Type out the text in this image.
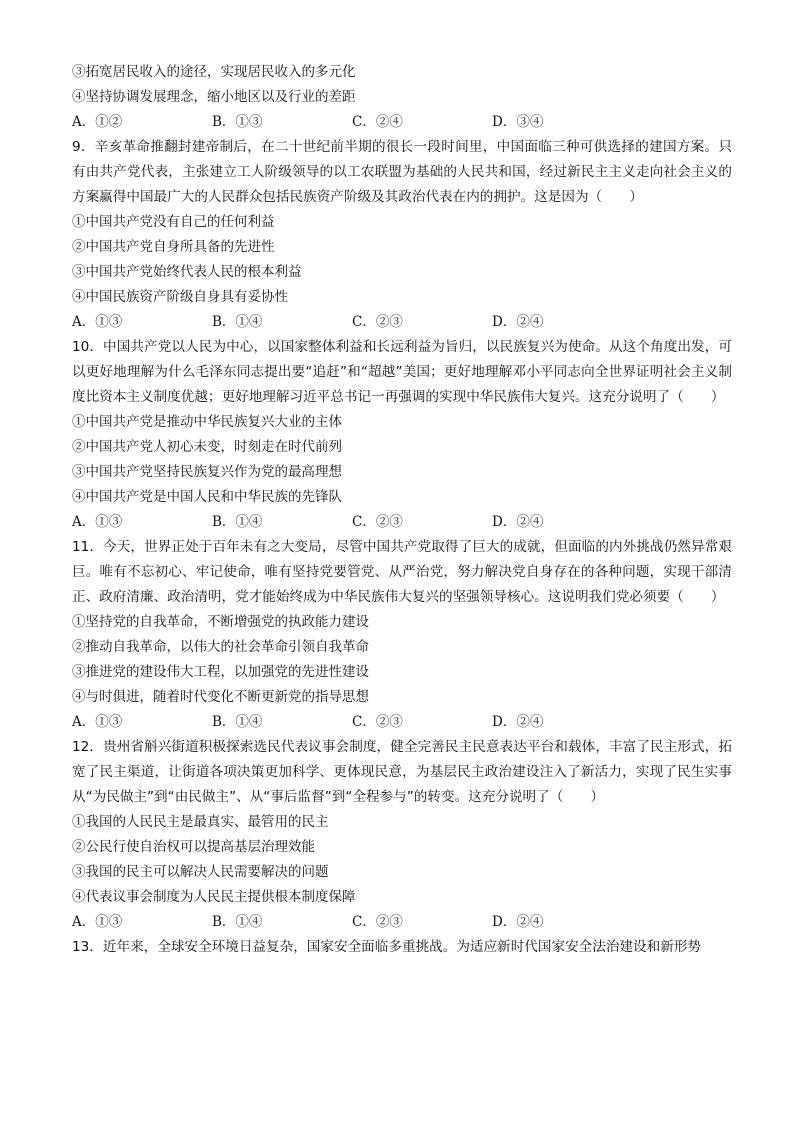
③拓宽居民收入的途径，实现居民收入的多元化
④坚持协调发展理念，缩小地区以及行业的差距
A．①②	B．①③	C．②④	D．③④
9．辛亥革命推翻封建帝制后，在二十世纪前半期的很长一段时间里，中国面临三种可供选择的建国方案。只有由共产党代表，主张建立工人阶级领导的以工农联盟为基础的人民共和国，经过新民主主义走向社会主义的方案赢得中国最广大的人民群众包括民族资产阶级及其政治代表在内的拥护。这是因为（　　）
①中国共产党没有自己的任何利益
②中国共产党自身所具备的先进性
③中国共产党始终代表人民的根本利益
④中国民族资产阶级自身具有妥协性
A．①③	B．①④	C．②③	D．②④
10．中国共产党以人民为中心，以国家整体利益和长远利益为旨归，以民族复兴为使命。从这个角度出发，可以更好地理解为什么毛泽东同志提出要“追赶”和“超越”美国；更好地理解邓小平同志向全世界证明社会主义制度比资本主义制度优越；更好地理解习近平总书记一再强调的实现中华民族伟大复兴。这充分说明了（　　）
①中国共产党是推动中华民族复兴大业的主体
②中国共产党人初心未变，时刻走在时代前列
③中国共产党坚持民族复兴作为党的最高理想
④中国共产党是中国人民和中华民族的先锋队
A．①③	B．①④	C．②③	D．②④
11．今天，世界正处于百年未有之大变局，尽管中国共产党取得了巨大的成就，但面临的内外挑战仍然异常艰巨。唯有不忘初心、牢记使命，唯有坚持党要管党、从严治党，努力解决党自身存在的各种问题，实现干部清正、政府清廉、政治清明，党才能始终成为中华民族伟大复兴的坚强领导核心。这说明我们党必须要（　　）
①坚持党的自我革命，不断增强党的执政能力建设
②推动自我革命，以伟大的社会革命引领自我革命
③推进党的建设伟大工程，以加强党的先进性建设
④与时俱进，随着时代变化不断更新党的指导思想
A．①③	B．①④	C．②③	D．②④
12．贵州省斛兴街道积极探索选民代表议事会制度，健全完善民主民意表达平台和载体，丰富了民主形式，拓宽了民主渠道，让街道各项决策更加科学、更体现民意，为基层民主政治建设注入了新活力，实现了民生实事从“为民做主”到“由民做主”、从“事后监督”到“全程参与”的转变。这充分说明了（　　）
①我国的人民民主是最真实、最管用的民主
②公民行使自治权可以提高基层治理效能
③我国的民主可以解决人民需要解决的问题
④代表议事会制度为人民民主提供根本制度保障
A．①③	B．①④	C．②③	D．②④
13．近年来，全球安全环境日益复杂，国家安全面临多重挑战。为适应新时代国家安全法治建设和新形势
